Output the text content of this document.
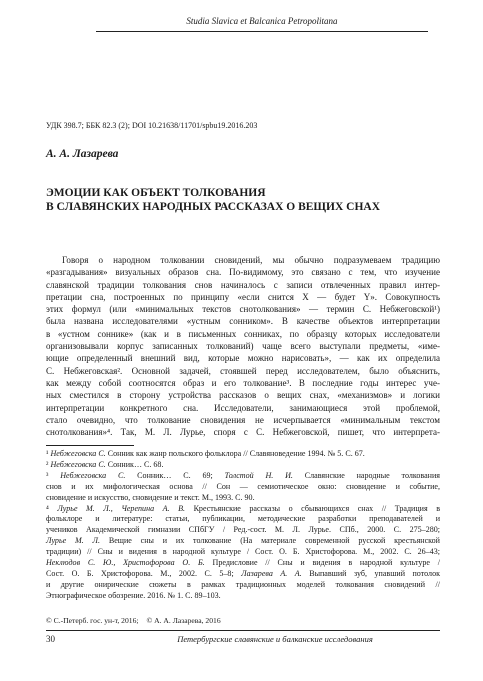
Studia Slavica et Balcanica Petropolitana
УДК 398.7; ББК 82.3 (2); DOI 10.21638/11701/spbu19.2016.203
А. А. Лазарева
ЭМОЦИИ КАК ОБЪЕКТ ТОЛКОВАНИЯ
В СЛАВЯНСКИХ НАРОДНЫХ РАССКАЗАХ О ВЕЩИХ СНАХ
Говоря о народном толковании сновидений, мы обычно подразумеваем традицию
«разгадывания» визуальных образов сна. По-видимому, это связано с тем, что изучение
славянской традиции толкования снов начиналось с записи отвлеченных правил интер-
претации сна, построенных по принципу «если снится Х — будет Y». Совокупность
этих формул (или «минимальных текстов снотолкования» — термин С. Небжеговской¹)
была названа исследователями «устным сонником». В качестве объектов интерпретации
в «устном соннике» (как и в письменных сонниках, по образцу которых исследователи
организовывали корпус записанных толкований) чаще всего выступали предметы, «име-
ющие определенный внешний вид, которые можно нарисовать», — как их определила
С. Небжеговская². Основной задачей, стоявшей перед исследователем, было объяснить,
как между собой соотносятся образ и его толкование³. В последние годы интерес уче-
ных сместился в сторону устройства рассказов о вещих снах, «механизмов» и логики
интерпретации конкретного сна. Исследователи, занимающиеся этой проблемой,
стало очевидно, что толкование сновидения не исчерпывается «минимальным текстом
снотолкования»⁴. Так, М. Л. Лурье, споря с С. Небжеговской, пишет, что интерпрета-
¹ Небжеговска С. Сонник как жанр польского фольклора // Славяноведение 1994. № 5. С. 67.
² Небжеговска С. Сонник… С. 68.
³ Небжеговска С. Сонник… С. 69; Толстой Н. И. Славянские народные толкования
снов и их мифологическая основа // Сон — семиотическое окно: сновидение и событие,
сновидение и искусство, сновидение и текст. М., 1993. С. 90.
⁴ Лурье М. Л., Черепина А. В. Крестьянские рассказы о сбывающихся снах // Традиция в
фольклоре и литературе: статьи, публикации, методические разработки преподавателей и
учеников Академической гимназии СПбГУ / Ред.-сост. М. Л. Лурье. СПб., 2000. С. 275–280;
Лурье М. Л. Вещие сны и их толкование (На материале современной русской крестьянской
традиции) // Сны и видения в народной культуре / Сост. О. Б. Христофорова. М., 2002. С. 26–43;
Неклюдов С. Ю., Христофорова О. Б. Предисловие // Сны и видения в народной культуре /
Сост. О. Б. Христофорова. М., 2002. С. 5–8; Лазарева А. А. Выпавший зуб, упавший потолок
и другие онирические сюжеты в рамках традиционных моделей толкования сновидений //
Этнографическое обозрение. 2016. № 1. С. 89–103.
© С.-Петерб. гос. ун-т, 2016; © А. А. Лазарева, 2016
30	Петербургские славянские и балканские исследования
